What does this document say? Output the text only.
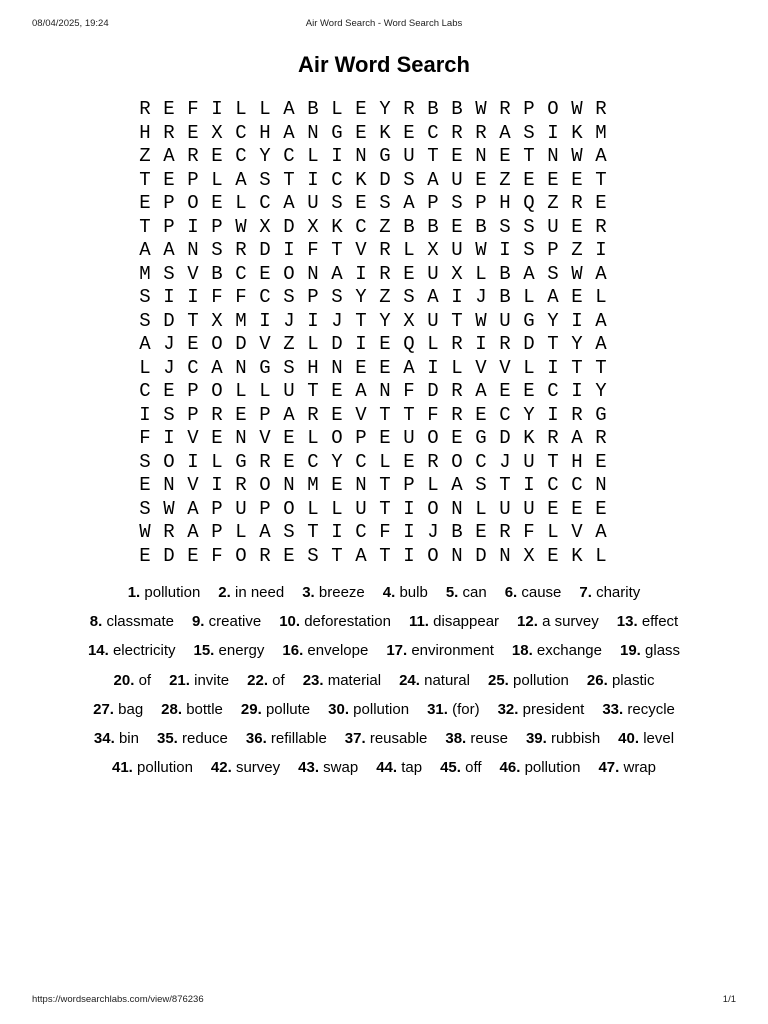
08/04/2025, 19:24	Air Word Search - Word Search Labs
Air Word Search
R E F I L L A B L E Y R B B W R P O W R
H R E X C H A N G E K E C R R A S I K M
Z A R E C Y C L I N G U T E N E T N W A
T E P L A S T I C K D S A U E Z E E E T
E P O E L C A U S E S A P S P H Q Z R E
T P I P W X D X K C Z B B E B S S U E R
A A N S R D I F T V R L X U W I S P Z I
M S V B C E O N A I R E U X L B A S W A
S I I F F C S P S Y Z S A I J B L A E L
S D T X M I J I J T Y X U T W U G Y I A
A J E O D V Z L D I E Q L R I R D T Y A
L J C A N G S H N E E A I L V V L I T T
C E P O L L U T E A N F D R A E E C I Y
I S P R E P A R E V T T F R E C Y I R G
F I V E N V E L O P E U O E G D K R A R
S O I L G R E C Y C L E R O C J U T H E
E N V I R O N M E N T P L A S T I C C N
S W A P U P O L L U T I O N L U U E E E
W R A P L A S T I C F I J B E R F L V A
E D E F O R E S T A T I O N D N X E K L
1. pollution 2. in need 3. breeze 4. bulb 5. can 6. cause 7. charity
8. classmate 9. creative 10. deforestation 11. disappear 12. a survey 13. effect
14. electricity 15. energy 16. envelope 17. environment 18. exchange 19. glass
20. of 21. invite 22. of 23. material 24. natural 25. pollution 26. plastic
27. bag 28. bottle 29. pollute 30. pollution 31. (for) 32. president 33. recycle
34. bin 35. reduce 36. refillable 37. reusable 38. reuse 39. rubbish 40. level
41. pollution 42. survey 43. swap 44. tap 45. off 46. pollution 47. wrap
https://wordsearchlabs.com/view/876236	1/1
